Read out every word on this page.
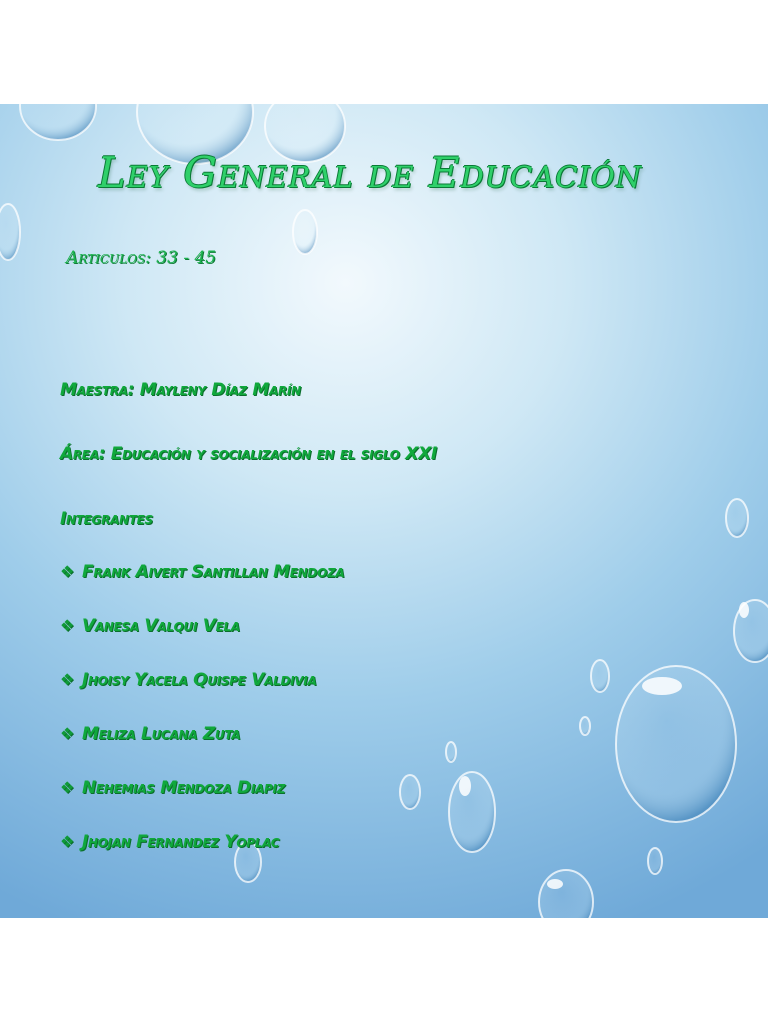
Ley General de Educación
Articulos: 33 - 45
Maestra: Mayleny Díaz Marín
Área: Educación y socialización en el siglo XXI
Integrantes
❖ Frank Aivert Santillan Mendoza
❖ Vanesa Valqui Vela
❖ Jhoisy Yacela Quispe Valdivia
❖ Meliza Lucana Zuta
❖ Nehemias Mendoza Diapiz
❖ Jhojan Fernandez Yoplac
